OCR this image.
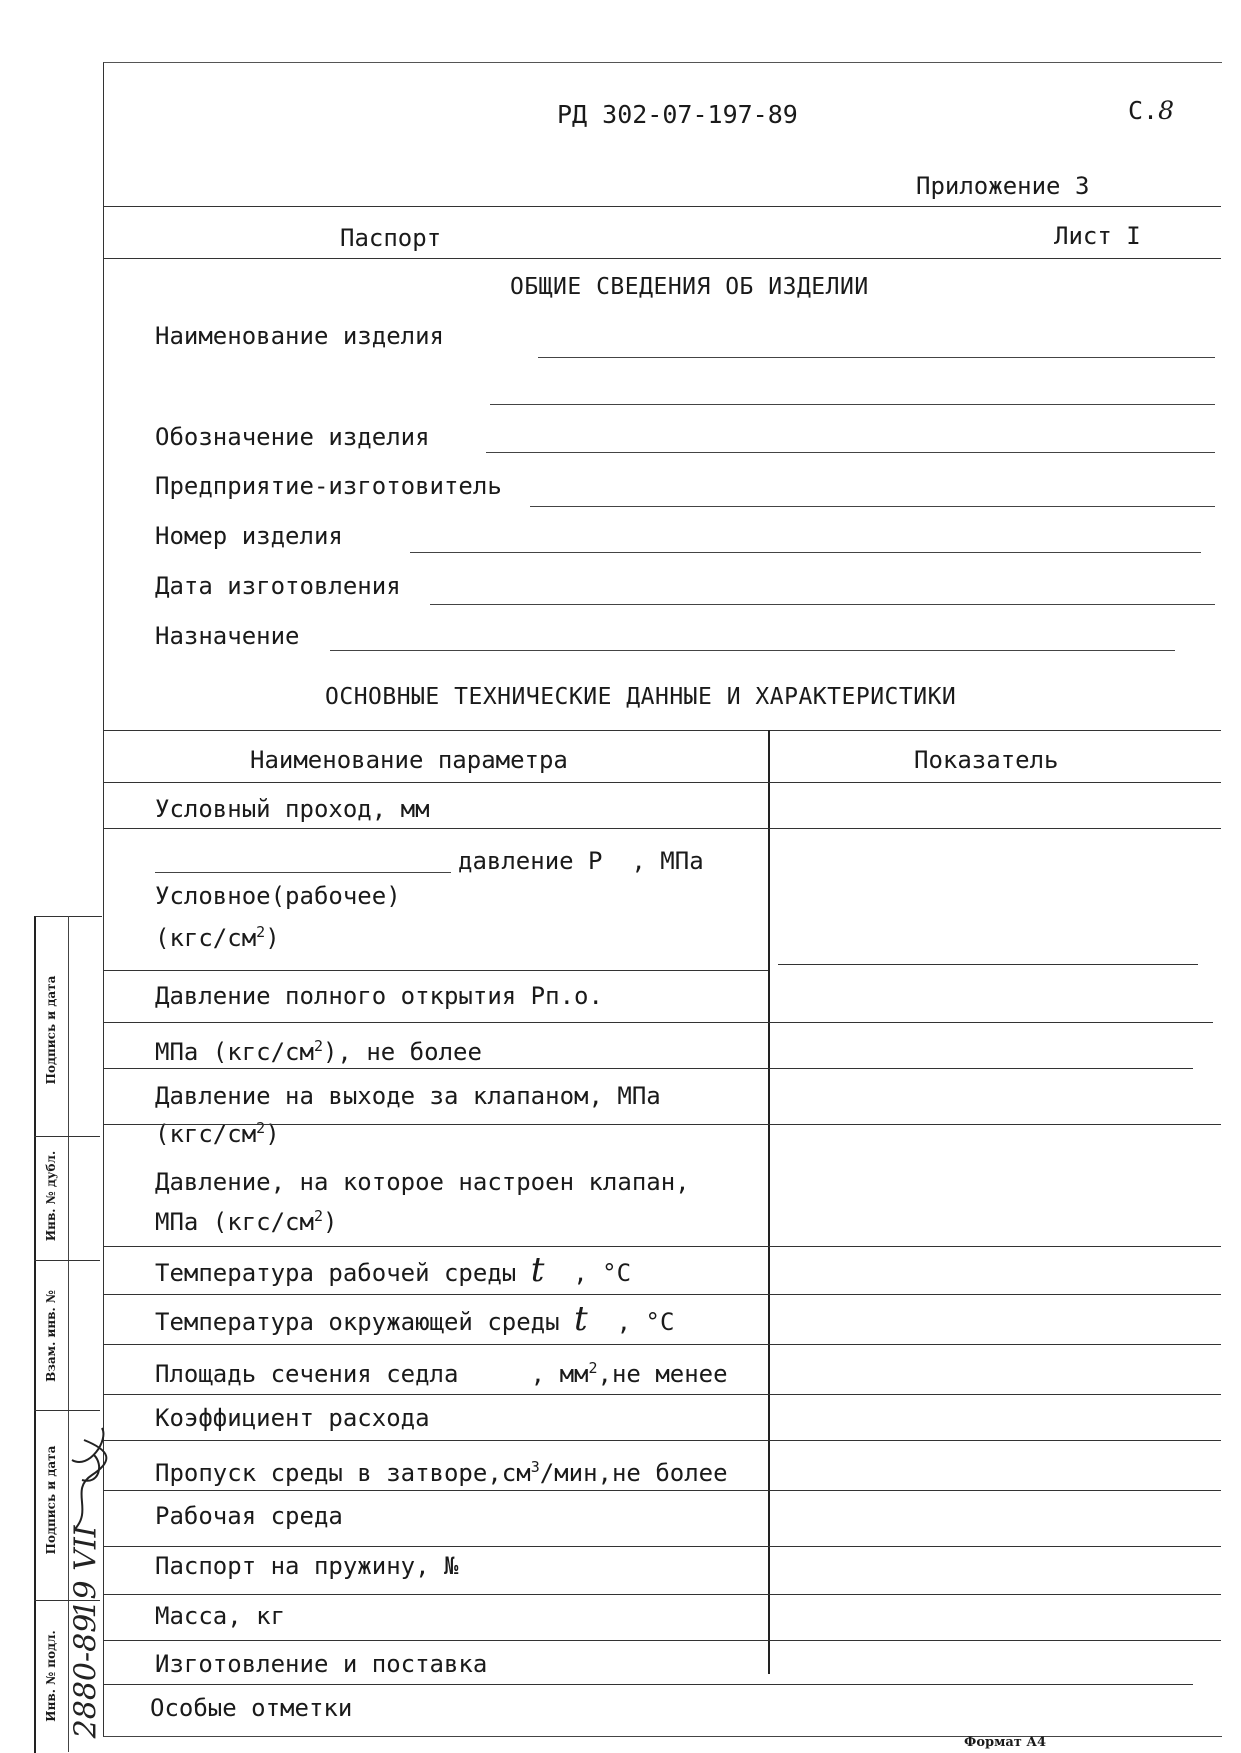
РД 302-07-197-89	С.8
Приложение 3
Паспорт	Лист I
ОБЩИЕ СВЕДЕНИЯ ОБ ИЗДЕЛИИ
Наименование изделия
Обозначение изделия
Предприятие-изготовитель
Номер изделия
Дата изготовления
Назначение
ОСНОВНЫЕ ТЕХНИЧЕСКИЕ ДАННЫЕ И ХАРАКТЕРИСТИКИ
Наименование параметра	Показатель
Условный проход, мм
давление Р , МПа
Условное(рабочее)
$(кгс/см^2)$
Давление полного открытия Рп.о.
МПа $(кгс/см^2)$, не более
Давление на выходе за клапаном, МПа
$(кгс/см^2)$
Давление, на которое настроен клапан,
МПа $(кгс/см^2)$
Температура рабочей среды t , °С
Температура окружающей среды t , °С
Площадь сечения седла     , $мм^2,не$ менее
Коэффициент расхода
Пропуск среды в $затворе,см^3/мин,не$ более
Рабочая среда
Паспорт на пружину, №
Масса, кг
Изготовление и поставка
Особые отметки
Подпись и дата
Инв. № дубл.
Взам. инв. №
Подпись и дата
Инв. № подл.
19 VII
2880-89
Формат А4
